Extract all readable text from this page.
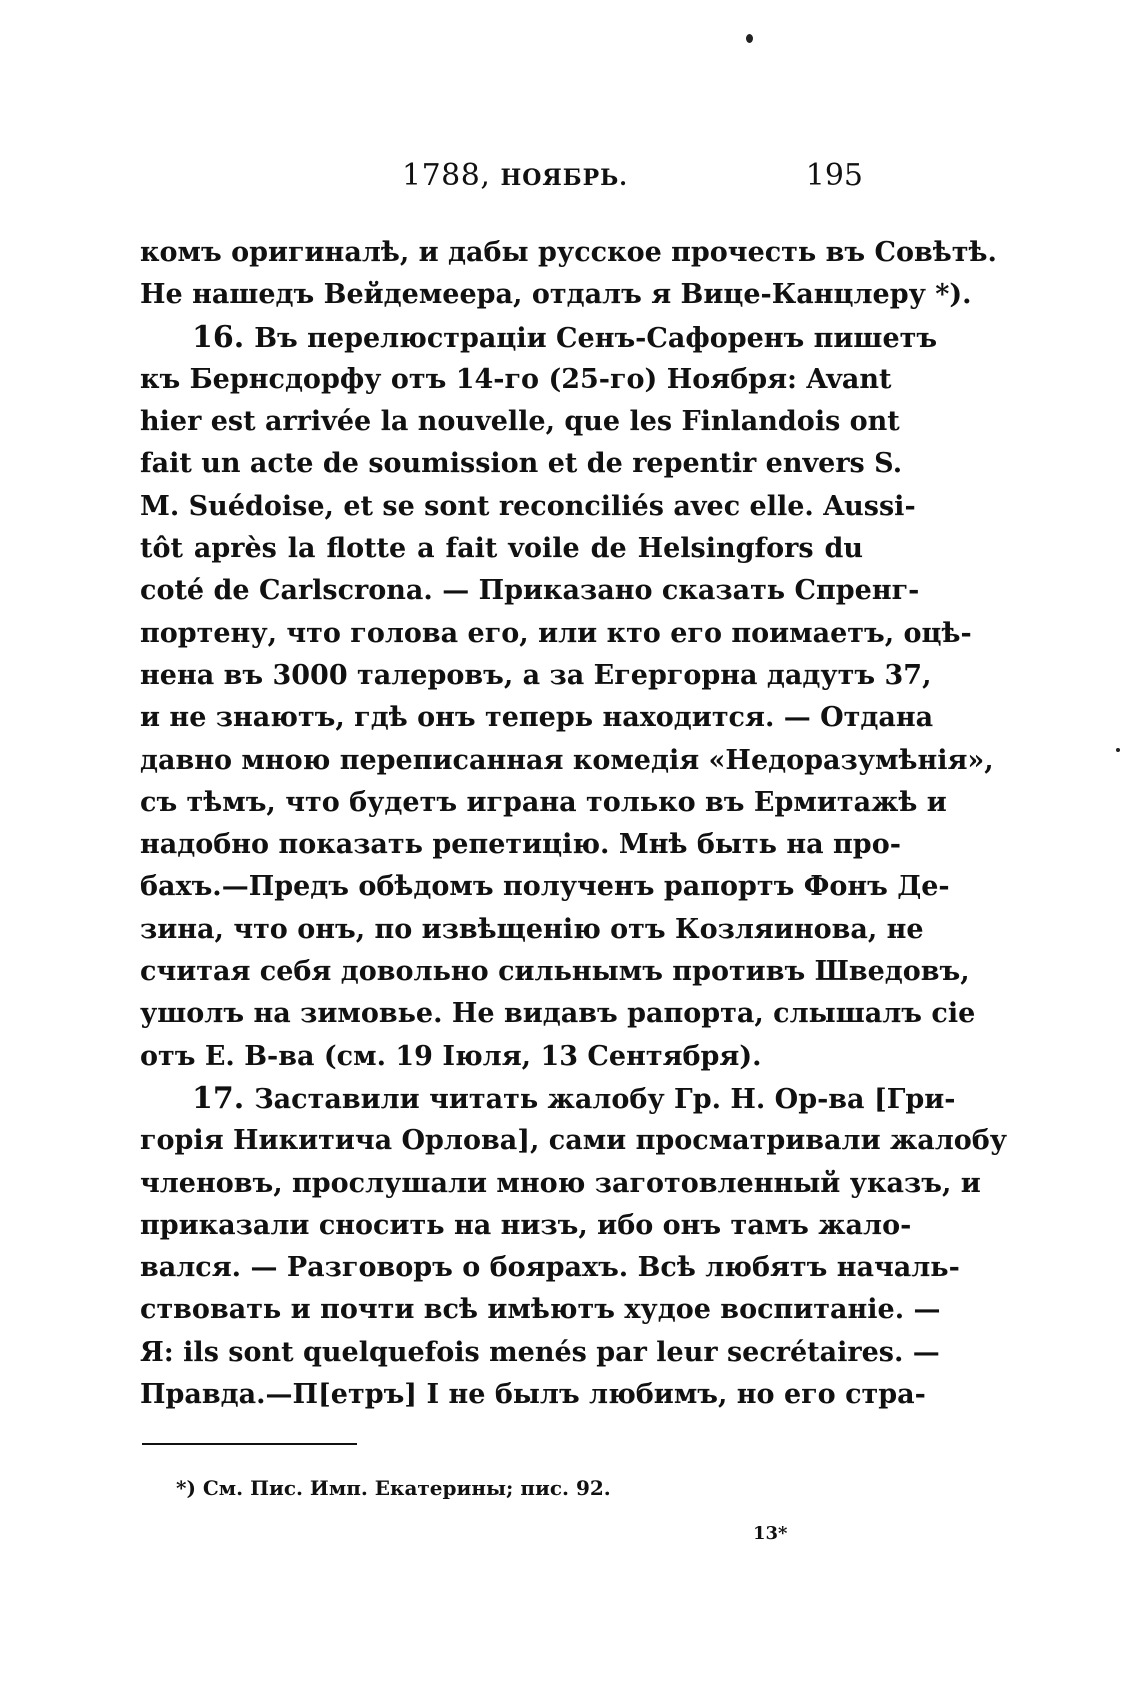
1788, НОЯБРЬ.	195
комъ оригиналѣ, и дабы русское прочесть въ Совѣтѣ.
Не нашедъ Вейдемеера, отдалъ я Вице-Канцлеру *).
16. Въ перелюстраціи Сенъ-Сафоренъ пишетъ
къ Бернсдорфу отъ 14-го (25-го) Ноября: Avant
hier est arrivée la nouvelle, que les Finlandois ont
fait un acte de soumission et de repentir envers S.
M. Suédoise, et se sont reconciliés avec elle. Aussi-
tôt après la flotte a fait voile de Helsingfors du
coté de Carlscrona. — Приказано сказать Спренг-
портену, что голова его, или кто его поимаетъ, оцѣ-
нена въ 3000 талеровъ, а за Егергорна дадутъ 37,
и не знаютъ, гдѣ онъ теперь находится. — Отдана
давно мною переписанная комедія «Недоразумѣнія»,
съ тѣмъ, что будетъ играна только въ Ермитажѣ и
надобно показать репетицію. Мнѣ быть на про-
бахъ.—Предъ обѣдомъ полученъ рапортъ Фонъ Де-
зина, что онъ, по извѣщенію отъ Козляинова, не
считая себя довольно сильнымъ противъ Шведовъ,
ушолъ на зимовье. Не видавъ рапорта, слышалъ сіе
отъ Е. В-ва (см. 19 Іюля, 13 Сентября).
17. Заставили читать жалобу Гр. Н. Ор-ва [Гри-
горія Никитича Орлова], сами просматривали жалобу
членовъ, прослушали мною заготовленный указъ, и
приказали сносить на низъ, ибо онъ тамъ жало-
вался. — Разговоръ о боярахъ. Всѣ любятъ началь-
ствовать и почти всѣ имѣютъ худое воспитаніе. —
Я: ils sont quelquefois menés par leur secrétaires. —
Правда.—П[етръ] I не былъ любимъ, но его стра-
*) См. Пис. Имп. Екатерины; пис. 92.
13*
